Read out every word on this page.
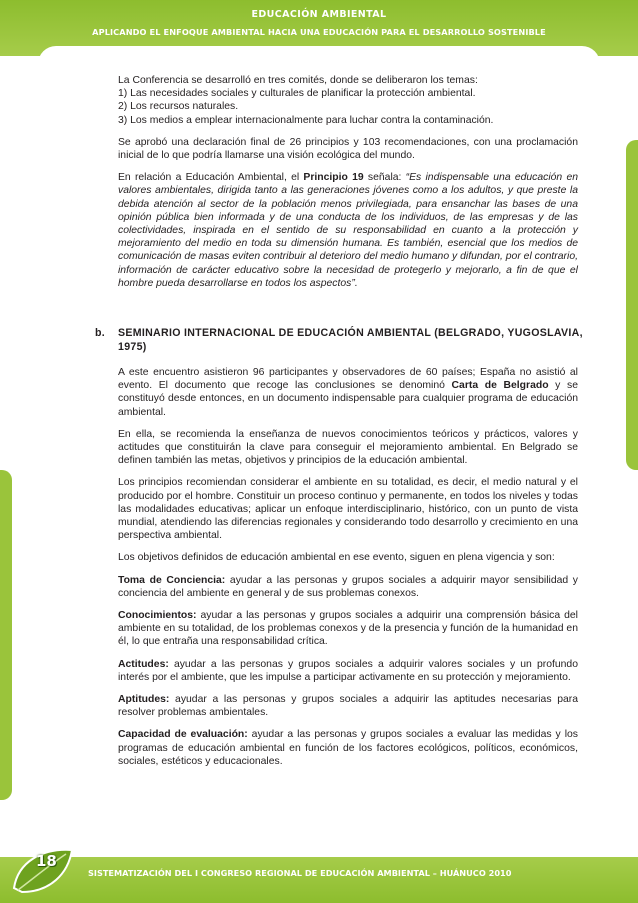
EDUCACIÓN AMBIENTAL
APLICANDO EL ENFOQUE AMBIENTAL HACIA UNA EDUCACIÓN PARA EL DESARROLLO SOSTENIBLE

La Conferencia se desarrolló en tres comités, donde se deliberaron los temas:
1) Las necesidades sociales y culturales de planificar la protección ambiental.
2) Los recursos naturales.
3) Los medios a emplear internacionalmente para luchar contra la contaminación.

Se aprobó una declaración final de 26 principios y 103 recomendaciones, con una proclamación inicial de lo que podría llamarse una visión ecológica del mundo.

En relación a Educación Ambiental, el Principio 19 señala: “Es indispensable una educación en valores ambientales, dirigida tanto a las generaciones jóvenes como a los adultos, y que preste la debida atención al sector de la población menos privilegiada, para ensanchar las bases de una opinión pública bien informada y de una conducta de los individuos, de las empresas y de las colectividades, inspirada en el sentido de su responsabilidad en cuanto a la protección y mejoramiento del medio en toda su dimensión humana. Es también, esencial que los medios de comunicación de masas eviten contribuir al deterioro del medio humano y difundan, por el contrario, información de carácter educativo sobre la necesidad de protegerlo y mejorarlo, a fin de que el hombre pueda desarrollarse en todos los aspectos”.

b. SEMINARIO INTERNACIONAL DE EDUCACIÓN AMBIENTAL (BELGRADO, YUGOSLAVIA, 1975)

A este encuentro asistieron 96 participantes y observadores de 60 países; España no asistió al evento. El documento que recoge las conclusiones se denominó Carta de Belgrado y se constituyó desde entonces, en un documento indispensable para cualquier programa de educación ambiental.

En ella, se recomienda la enseñanza de nuevos conocimientos teóricos y prácticos, valores y actitudes que constituirán la clave para conseguir el mejoramiento ambiental. En Belgrado se definen también las metas, objetivos y principios de la educación ambiental.

Los principios recomiendan considerar el ambiente en su totalidad, es decir, el medio natural y el producido por el hombre. Constituir un proceso continuo y permanente, en todos los niveles y todas las modalidades educativas; aplicar un enfoque interdisciplinario, histórico, con un punto de vista mundial, atendiendo las diferencias regionales y considerando todo desarrollo y crecimiento en una perspectiva ambiental.

Los objetivos definidos de educación ambiental en ese evento, siguen en plena vigencia y son:

Toma de Conciencia: ayudar a las personas y grupos sociales a adquirir mayor sensibilidad y conciencia del ambiente en general y de sus problemas conexos.

Conocimientos: ayudar a las personas y grupos sociales a adquirir una comprensión básica del ambiente en su totalidad, de los problemas conexos y de la presencia y función de la humanidad en él, lo que entraña una responsabilidad crítica.

Actitudes: ayudar a las personas y grupos sociales a adquirir valores sociales y un profundo interés por el ambiente, que les impulse a participar activamente en su protección y mejoramiento.

Aptitudes: ayudar a las personas y grupos sociales a adquirir las aptitudes necesarias para resolver problemas ambientales.

Capacidad de evaluación: ayudar a las personas y grupos sociales a evaluar las medidas y los programas de educación ambiental en función de los factores ecológicos, políticos, económicos, sociales, estéticos y educacionales.

18
SISTEMATIZACIÓN DEL I CONGRESO REGIONAL DE EDUCACIÓN AMBIENTAL – HUÁNUCO 2010
